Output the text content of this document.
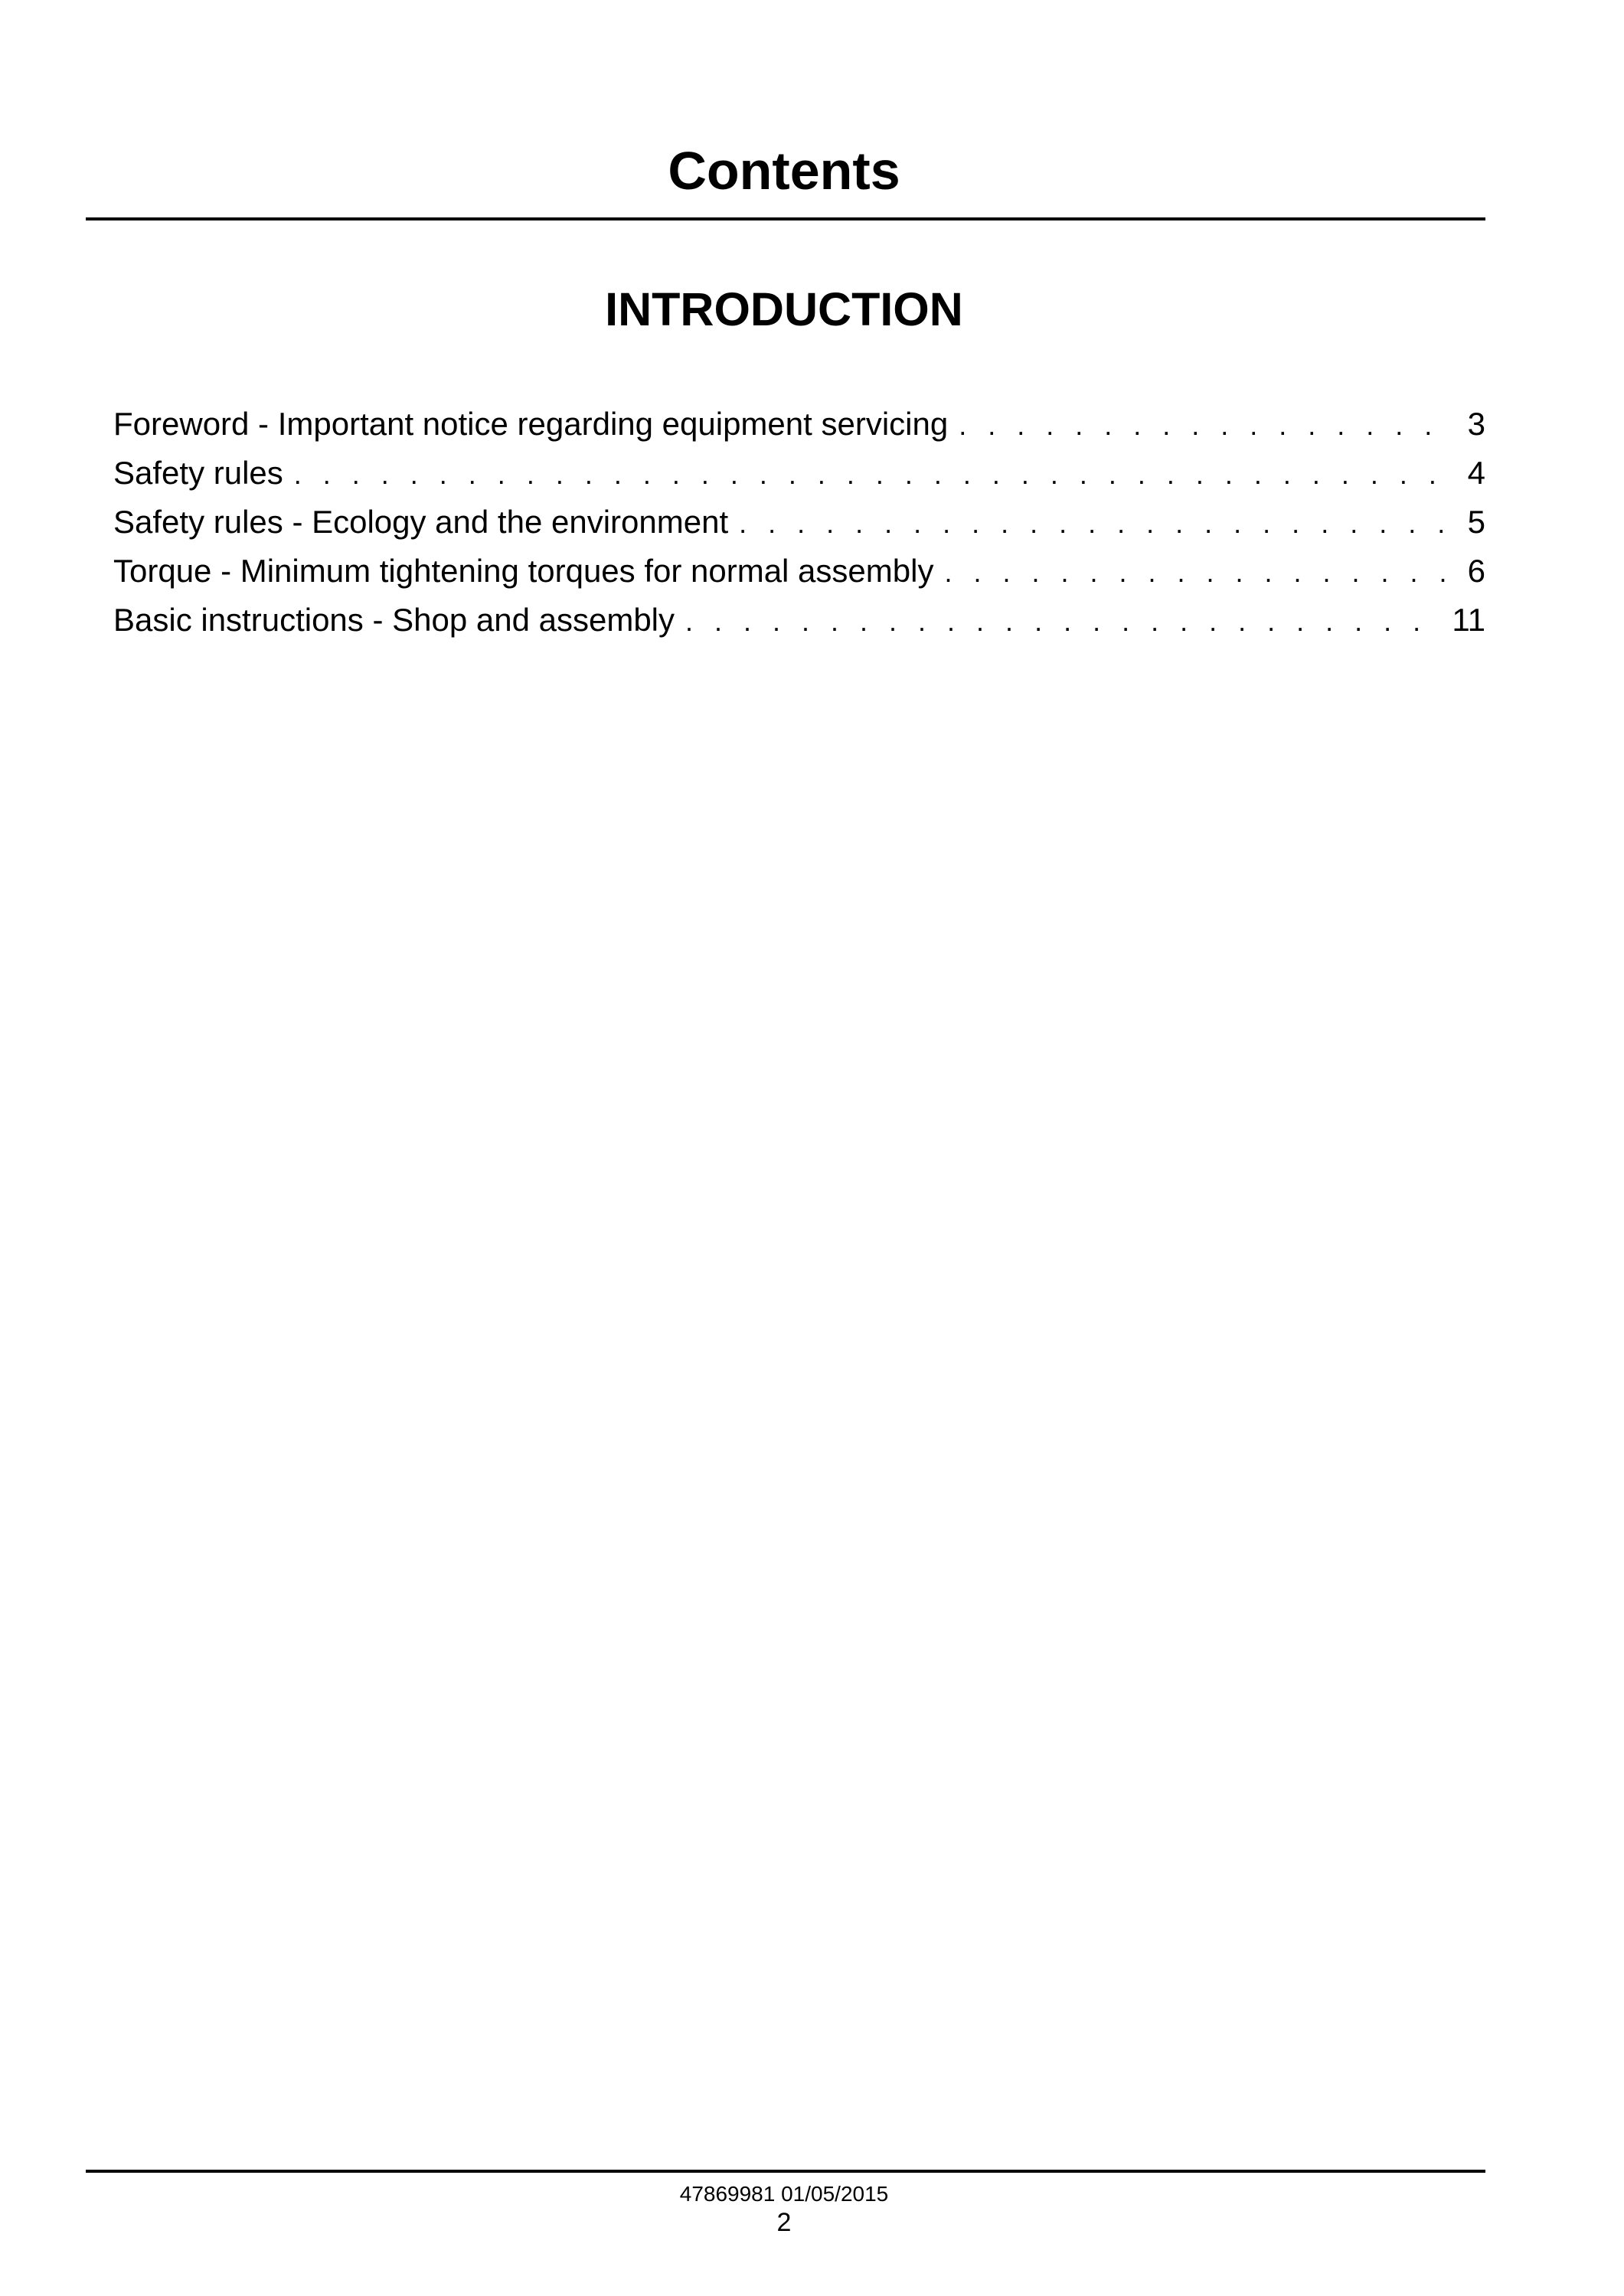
Contents
INTRODUCTION
Foreword - Important notice regarding equipment servicing . . .	3
Safety rules . . .	4
Safety rules - Ecology and the environment . . .	5
Torque - Minimum tightening torques for normal assembly . . .	6
Basic instructions - Shop and assembly . . .	11
47869981 01/05/2015
2
